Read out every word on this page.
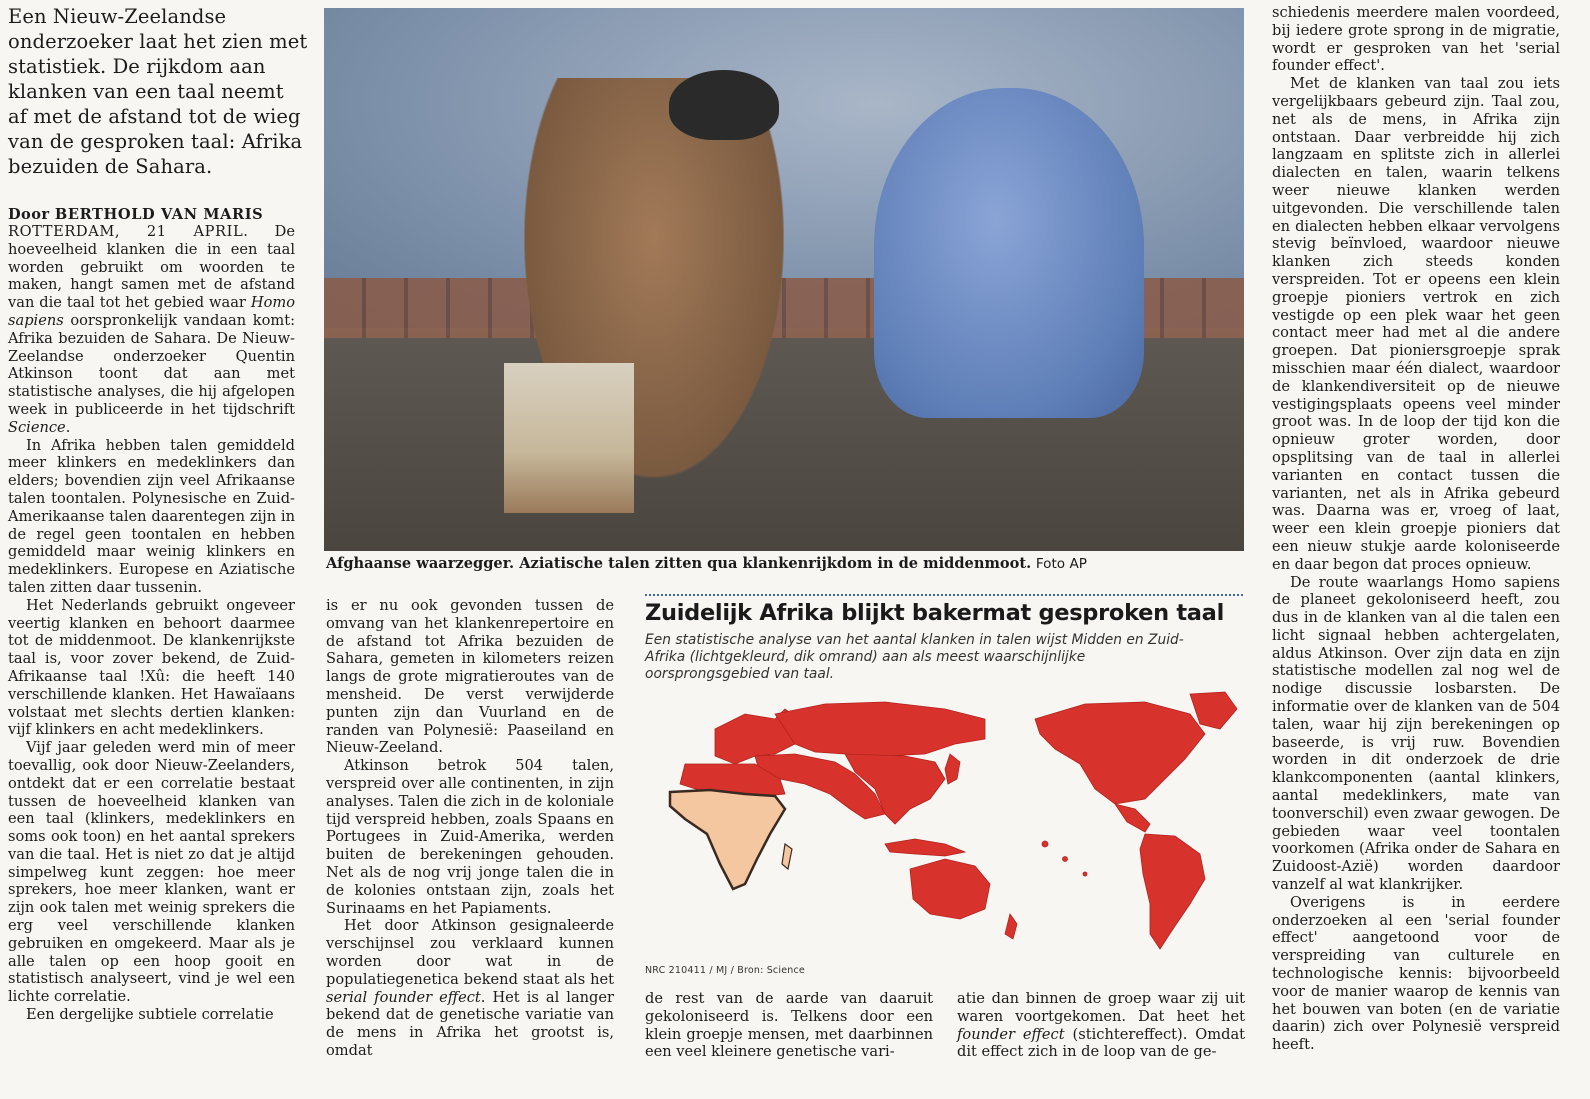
Een Nieuw-Zeelandse onderzoeker laat het zien met statistiek. De rijkdom aan klanken van een taal neemt af met de afstand tot de wieg van de gesproken taal: Afrika bezuiden de Sahara.

Door BERTHOLD VAN MARIS

ROTTERDAM, 21 APRIL. De hoeveelheid klanken die in een taal worden gebruikt om woorden te maken, hangt samen met de afstand van die taal tot het gebied waar Homo sapiens oorspronkelijk vandaan komt: Afrika bezuiden de Sahara. De Nieuw-Zeelandse onderzoeker Quentin Atkinson toont dat aan met statistische analyses, die hij afgelopen week in publiceerde in het tijdschrift Science.

In Afrika hebben talen gemiddeld meer klinkers en medeklinkers dan elders; bovendien zijn veel Afrikaanse talen toontalen. Polynesische en Zuid-Amerikaanse talen daarentegen zijn in de regel geen toontalen en hebben gemiddeld maar weinig klinkers en medeklinkers. Europese en Aziatische talen zitten daar tussenin.

Het Nederlands gebruikt ongeveer veertig klanken en behoort daarmee tot de middenmoot. De klankenrijkste taal is, voor zover bekend, de Zuid-Afrikaanse taal !Xû: die heeft 140 verschillende klanken. Het Hawaïaans volstaat met slechts dertien klanken: vijf klinkers en acht medeklinkers.

Vijf jaar geleden werd min of meer toevallig, ook door Nieuw-Zeelanders, ontdekt dat er een correlatie bestaat tussen de hoeveelheid klanken van een taal (klinkers, medeklinkers en soms ook toon) en het aantal sprekers van die taal. Het is niet zo dat je altijd simpelweg kunt zeggen: hoe meer sprekers, hoe meer klanken, want er zijn ook talen met weinig sprekers die erg veel verschillende klanken gebruiken en omgekeerd. Maar als je alle talen op een hoop gooit en statistisch analyseert, vind je wel een lichte correlatie.

Een dergelijke subtiele correlatie

Afghaanse waarzegger. Aziatische talen zitten qua klankenrijkdom in de middenmoot. Foto AP

is er nu ook gevonden tussen de omvang van het klankenrepertoire en de afstand tot Afrika bezuiden de Sahara, gemeten in kilometers reizen langs de grote migratieroutes van de mensheid. De verst verwijderde punten zijn dan Vuurland en de randen van Polynesië: Paaseiland en Nieuw-Zeeland.

Atkinson betrok 504 talen, verspreid over alle continenten, in zijn analyses. Talen die zich in de koloniale tijd verspreid hebben, zoals Spaans en Portugees in Zuid-Amerika, werden buiten de berekeningen gehouden. Net als de nog vrij jonge talen die in de kolonies ontstaan zijn, zoals het Surinaams en het Papiaments.

Het door Atkinson gesignaleerde verschijnsel zou verklaard kunnen worden door wat in de populatiegenetica bekend staat als het serial founder effect. Het is al langer bekend dat de genetische variatie van de mens in Afrika het grootst is, omdat

Zuidelijk Afrika blijkt bakermat gesproken taal

Een statistische analyse van het aantal klanken in talen wijst Midden en Zuid-Afrika (lichtgekleurd, dik omrand) aan als meest waarschijnlijke oorsprongsgebied van taal.

NRC 210411 / MJ / Bron: Science

de rest van de aarde van daaruit gekoloniseerd is. Telkens door een klein groepje mensen, met daarbinnen een veel kleinere genetische vari-

atie dan binnen de groep waar zij uit waren voortgekomen. Dat heet het founder effect (stichtereffect). Omdat dit effect zich in de loop van de ge-

schiedenis meerdere malen voordeed, bij iedere grote sprong in de migratie, wordt er gesproken van het 'serial founder effect'.

Met de klanken van taal zou iets vergelijkbaars gebeurd zijn. Taal zou, net als de mens, in Afrika zijn ontstaan. Daar verbreidde hij zich langzaam en splitste zich in allerlei dialecten en talen, waarin telkens weer nieuwe klanken werden uitgevonden. Die verschillende talen en dialecten hebben elkaar vervolgens stevig beïnvloed, waardoor nieuwe klanken zich steeds konden verspreiden. Tot er opeens een klein groepje pioniers vertrok en zich vestigde op een plek waar het geen contact meer had met al die andere groepen. Dat pioniersgroepje sprak misschien maar één dialect, waardoor de klankendiversiteit op de nieuwe vestigingsplaats opeens veel minder groot was. In de loop der tijd kon die opnieuw groter worden, door opsplitsing van de taal in allerlei varianten en contact tussen die varianten, net als in Afrika gebeurd was. Daarna was er, vroeg of laat, weer een klein groepje pioniers dat een nieuw stukje aarde koloniseerde en daar begon dat proces opnieuw.

De route waarlangs Homo sapiens de planeet gekoloniseerd heeft, zou dus in de klanken van al die talen een licht signaal hebben achtergelaten, aldus Atkinson. Over zijn data en zijn statistische modellen zal nog wel de nodige discussie losbarsten. De informatie over de klanken van de 504 talen, waar hij zijn berekeningen op baseerde, is vrij ruw. Bovendien worden in dit onderzoek de drie klankcomponenten (aantal klinkers, aantal medeklinkers, mate van toonverschil) even zwaar gewogen. De gebieden waar veel toontalen voorkomen (Afrika onder de Sahara en Zuidoost-Azië) worden daardoor vanzelf al wat klankrijker.

Overigens is in eerdere onderzoeken al een 'serial founder effect' aangetoond voor de verspreiding van culturele en technologische kennis: bijvoorbeeld voor de manier waarop de kennis van het bouwen van boten (en de variatie daarin) zich over Polynesië verspreid heeft.
